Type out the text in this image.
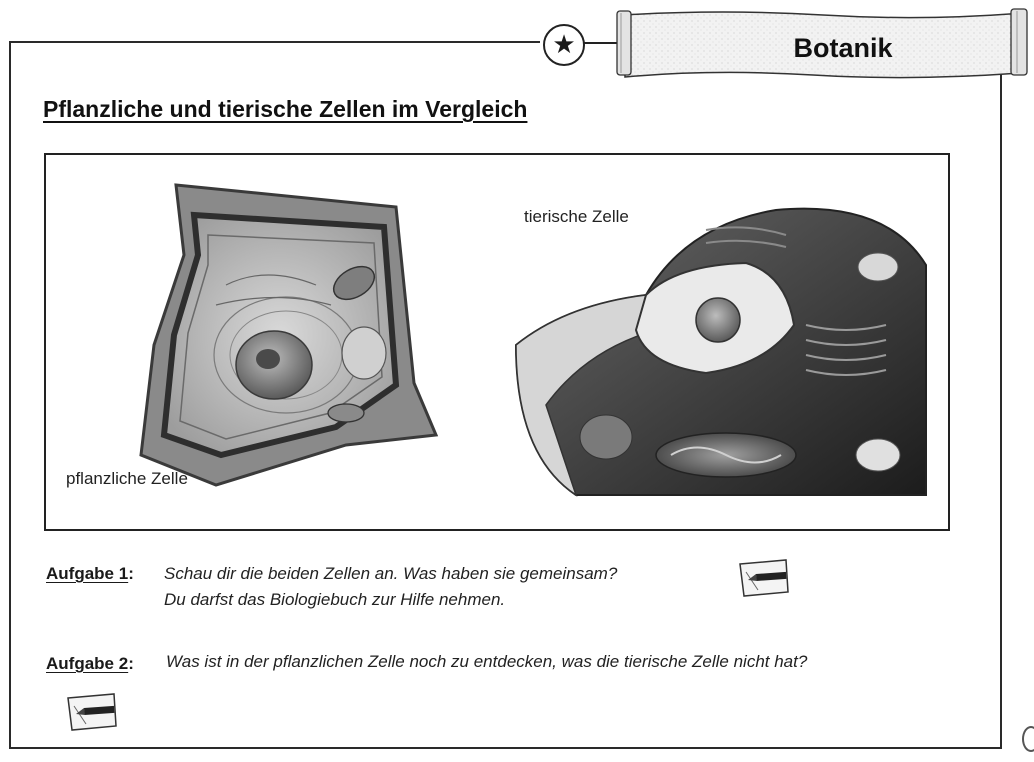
★	Botanik
Pflanzliche und tierische Zellen im Vergleich
pflanzliche Zelle
tierische Zelle
Aufgabe 1: Schau dir die beiden Zellen an. Was haben sie gemeinsam?
Du darfst das Biologiebuch zur Hilfe nehmen.
Aufgabe 2: Was ist in der pflanzlichen Zelle noch zu entdecken, was die tierische Zelle nicht hat?
